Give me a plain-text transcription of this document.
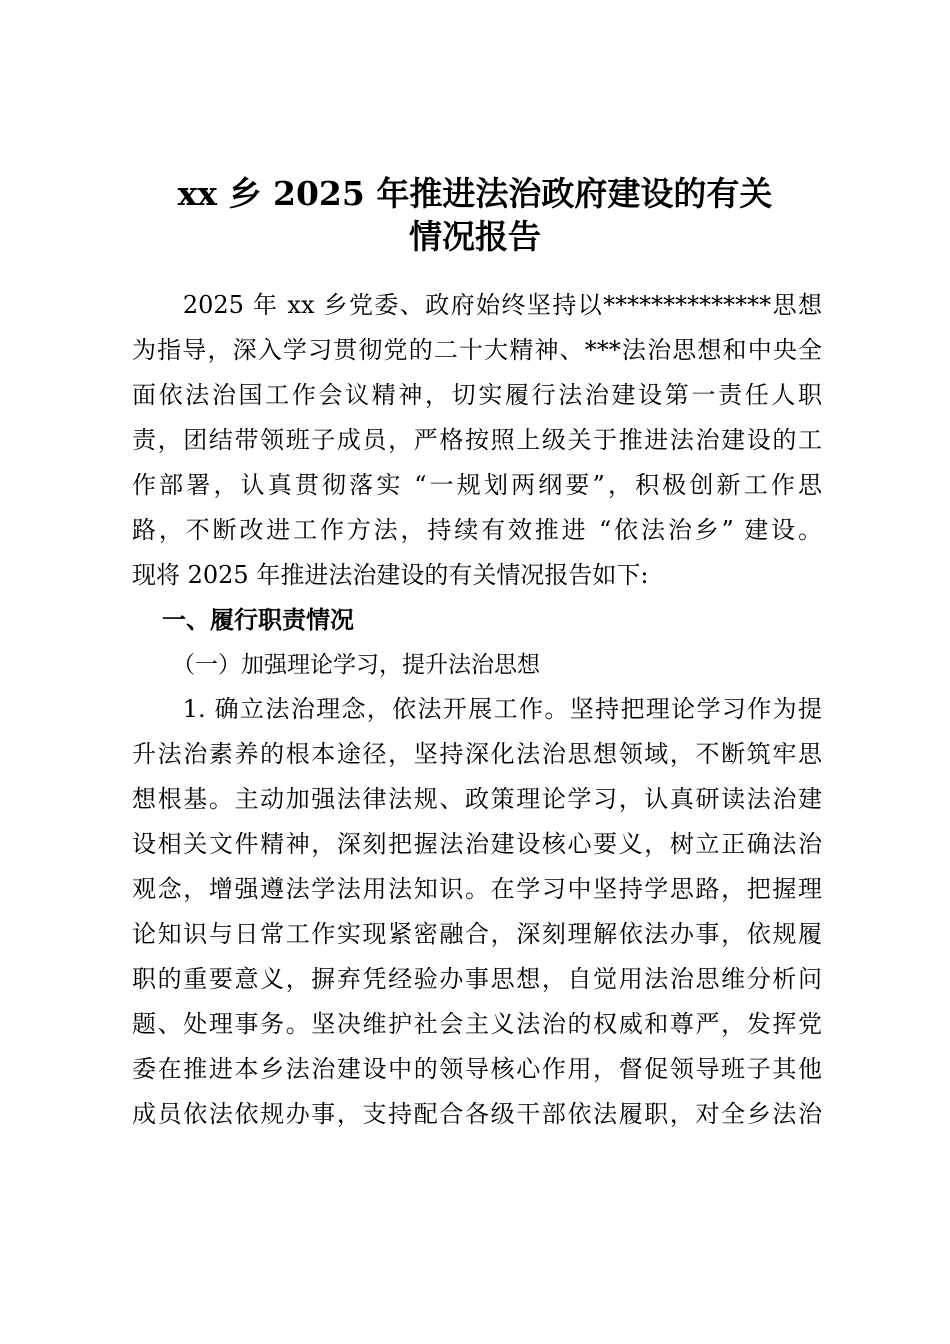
xx 乡 2025 年推进法治政府建设的有关
情况报告
　　2025 年 xx 乡党委、政府始终坚持以**************思想
为指导，深入学习贯彻党的二十大精神、***法治思想和中央全
面依法治国工作会议精神，切实履行法治建设第一责任人职
责，团结带领班子成员，严格按照上级关于推进法治建设的工
作部署，认真贯彻落实 “一规划两纲要”，积极创新工作思
路，不断改进工作方法，持续有效推进 “依法治乡” 建设。
现将 2025 年推进法治建设的有关情况报告如下:
一、履行职责情况
（一）加强理论学习，提升法治思想
　　1. 确立法治理念，依法开展工作。坚持把理论学习作为提
升法治素养的根本途径，坚持深化法治思想领域，不断筑牢思
想根基。主动加强法律法规、政策理论学习，认真研读法治建
设相关文件精神，深刻把握法治建设核心要义，树立正确法治
观念，增强遵法学法用法知识。在学习中坚持学思路，把握理
论知识与日常工作实现紧密融合，深刻理解依法办事，依规履
职的重要意义，摒弃凭经验办事思想，自觉用法治思维分析问
题、处理事务。坚决维护社会主义法治的权威和尊严，发挥党
委在推进本乡法治建设中的领导核心作用，督促领导班子其他
成员依法依规办事，支持配合各级干部依法履职，对全乡法治
